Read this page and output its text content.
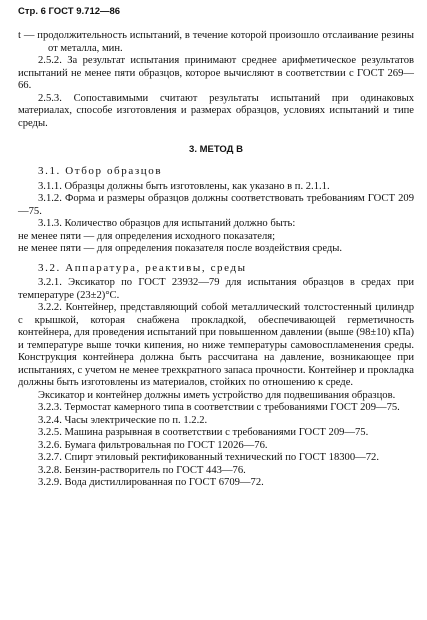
Стр. 6 ГОСТ 9.712—86

t — продолжительность испытаний, в течение которой произошло отслаивание резины от металла, мин.

2.5.2. За результат испытания принимают среднее арифметическое результатов испытаний не менее пяти образцов, которое вычисляют в соответствии с ГОСТ 269—66.

2.5.3. Сопоставимыми считают результаты испытаний при одинаковых материалах, способе изготовления и размерах образцов, условиях испытаний и типе среды.

3. МЕТОД В

3.1. Отбор образцов

3.1.1. Образцы должны быть изготовлены, как указано в п. 2.1.1.

3.1.2. Форма и размеры образцов должны соответствовать требованиям ГОСТ 209—75.

3.1.3. Количество образцов для испытаний должно быть:

не менее пяти — для определения исходного показателя;

не менее пяти — для определения показателя после воздействия среды.

3.2. Аппаратура, реактивы, среды

3.2.1. Эксикатор по ГОСТ 23932—79 для испытания образцов в средах при температуре (23±2)°С.

3.2.2. Контейнер, представляющий собой металлический толстостенный цилиндр с крышкой, которая снабжена прокладкой, обеспечивающей герметичность контейнера, для проведения испытаний при повышенном давлении (выше (98±10) кПа) и температуре выше точки кипения, но ниже температуры самовоспламенения среды. Конструкция контейнера должна быть рассчитана на давление, возникающее при испытаниях, с учетом не менее трехкратного запаса прочности. Контейнер и прокладка должны быть изготовлены из материалов, стойких по отношению к среде.

Эксикатор и контейнер должны иметь устройство для подвешивания образцов.

3.2.3. Термостат камерного типа в соответствии с требованиями ГОСТ 209—75.

3.2.4. Часы электрические по п. 1.2.2.

3.2.5. Машина разрывная в соответствии с требованиями ГОСТ 209—75.

3.2.6. Бумага фильтровальная по ГОСТ 12026—76.

3.2.7. Спирт этиловый ректификованный технический по ГОСТ 18300—72.

3.2.8. Бензин-растворитель по ГОСТ 443—76.

3.2.9. Вода дистиллированная по ГОСТ 6709—72.
